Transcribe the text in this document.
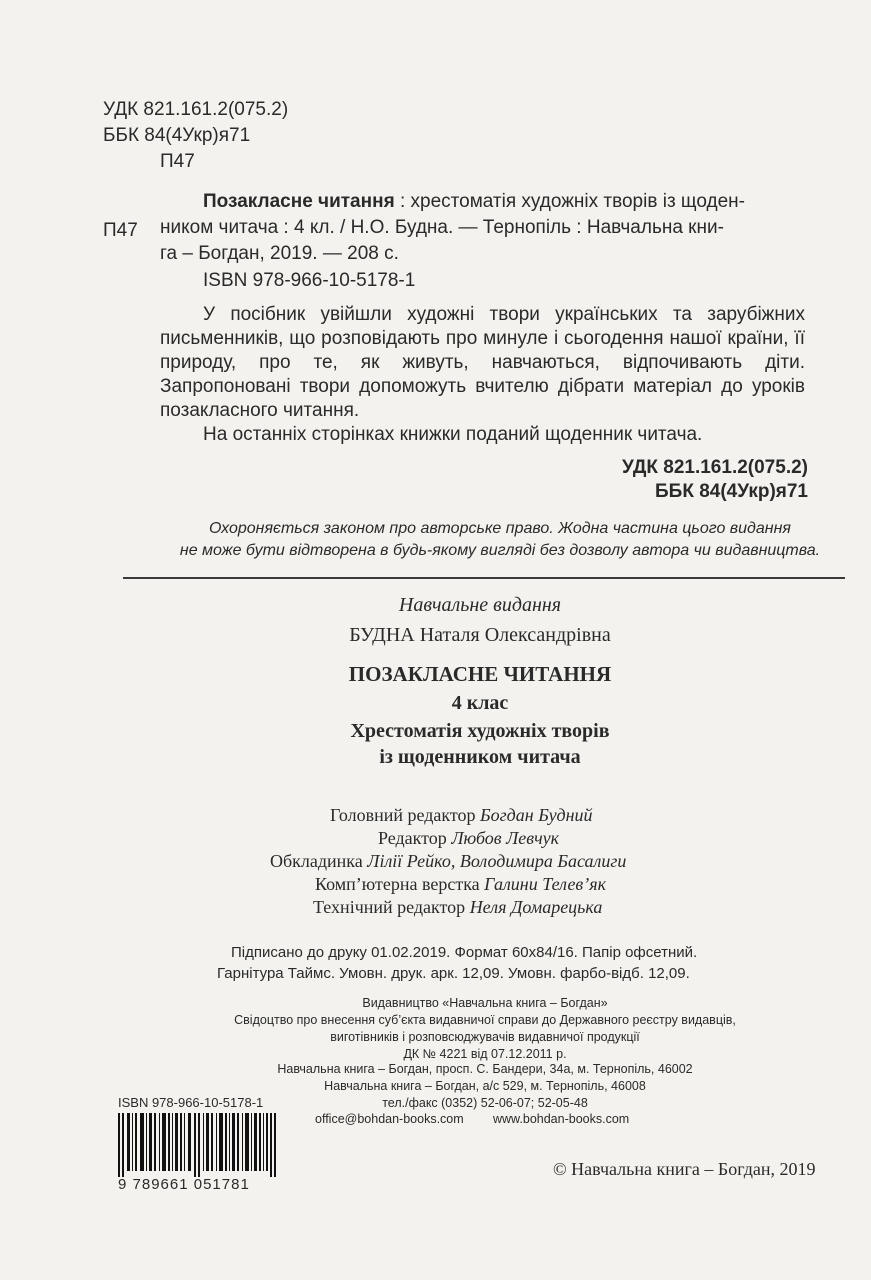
УДК 821.161.2(075.2)
ББК 84(4Укр)я71
П47
П47
Позакласне читання : хрестоматія художніх творів із щоден-
ником читача : 4 кл. / Н.О. Будна. — Тернопіль : Навчальна кни-
га – Богдан, 2019. — 208 с.
ISBN 978-966-10-5178-1
У посібник увійшли художні твори українських та зарубіжних письменників, що розповідають про минуле і сьогодення нашої країни, її природу, про те, як живуть, навчаються, відпочивають діти. Запропоновані твори допоможуть вчителю дібрати матеріал до уроків позакласного читання.
На останніх сторінках книжки поданий щоденник читача.
УДК 821.161.2(075.2)
ББК 84(4Укр)я71
Охороняється законом про авторське право. Жодна частина цього видання
не може бути відтворена в будь-якому вигляді без дозволу автора чи видавництва.
Навчальне видання
БУДНА Наталя Олександрівна
ПОЗАКЛАСНЕ ЧИТАННЯ
4 клас
Хрестоматія художніх творів
із щоденником читача
Головний редактор Богдан Будний
Редактор Любов Левчук
Обкладинка Лілії Рейко, Володимира Басалиги
Комп’ютерна верстка Галини Телев’як
Технічний редактор Неля Домарецька
Підписано до друку 01.02.2019. Формат 60х84/16. Папір офсетний.
Гарнітура Таймс. Умовн. друк. арк. 12,09. Умовн. фарбо-відб. 12,09.
Видавництво «Навчальна книга – Богдан»
Свідоцтво про внесення суб’єкта видавничої справи до Державного реєстру видавців,
виготівників і розповсюджувачів видавничої продукції
ДК № 4221 від 07.12.2011 р.
Навчальна книга – Богдан, просп. С. Бандери, 34а, м. Тернопіль, 46002
Навчальна книга – Богдан, а/с 529, м. Тернопіль, 46008
тел./факс (0352) 52-06-07; 52-05-48
office@bohdan-books.com www.bohdan-books.com
ISBN 978-966-10-5178-1
9 789661 051781
© Навчальна книга – Богдан, 2019
